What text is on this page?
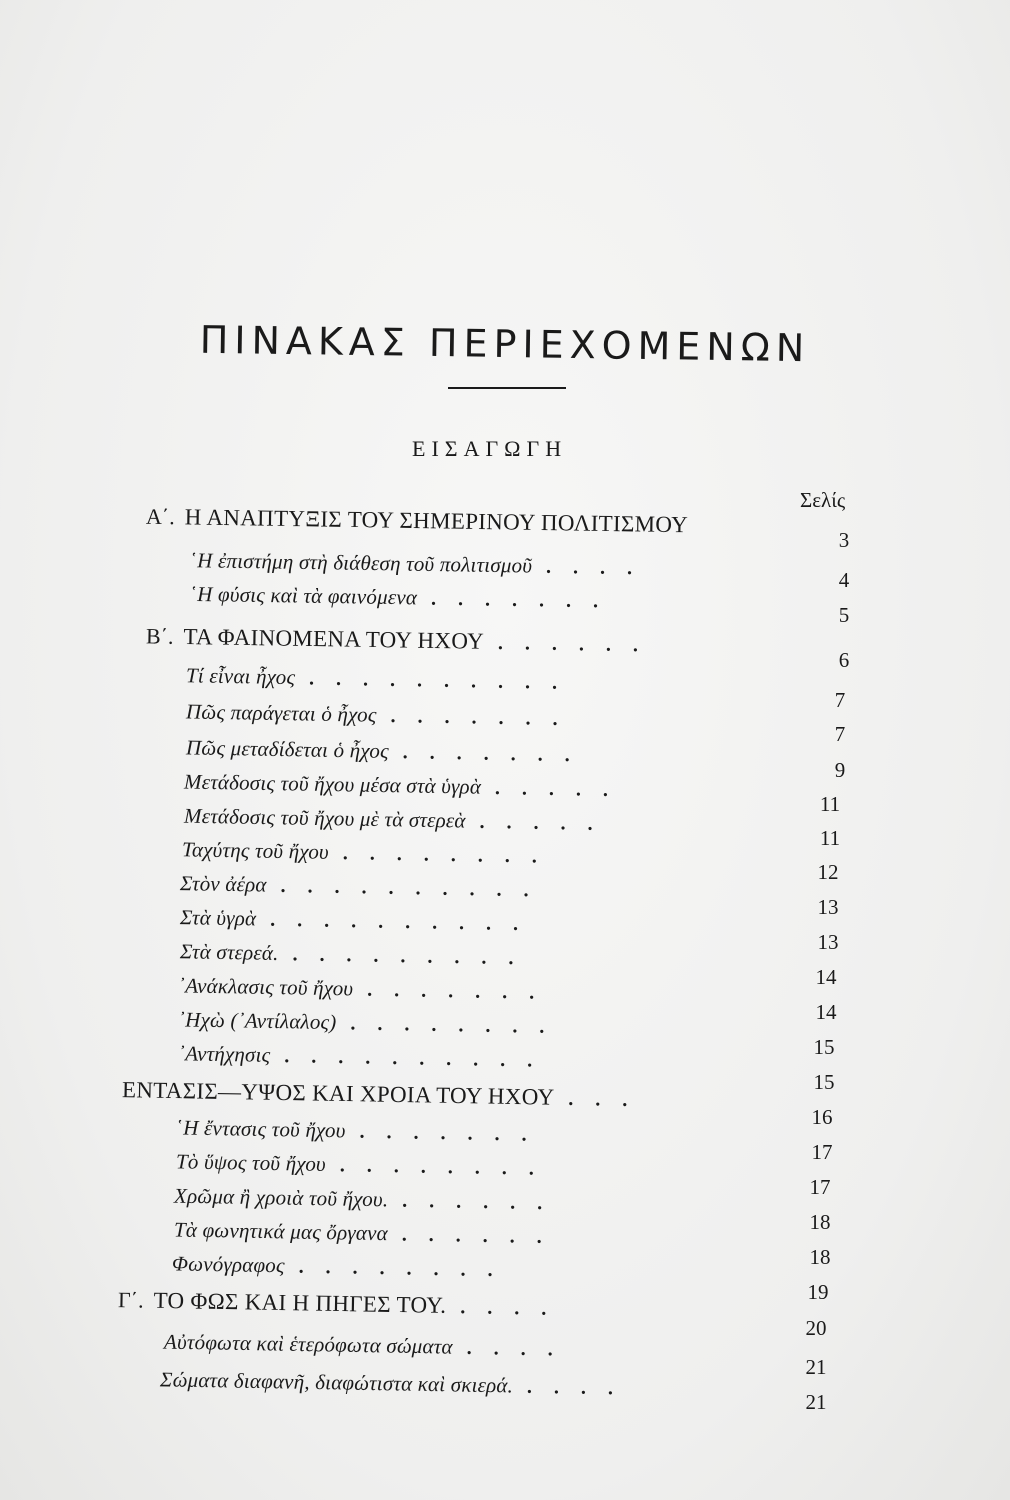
ΠΙΝΑΚΑΣ ΠΕΡΙΕΧΟΜΕΝΩΝ
ΕΙΣΑΓΩΓΗ
Σελίς
Α΄. Η ΑΝΑΠΤΥΞΙΣ ΤΟΥ ΣΗΜΕΡΙΝΟΥ ΠΟΛΙΤΙΣΜΟΥ
3
῾Η ἐπιστήμη στὴ διάθεση τοῦ πολιτισμοῦ ....
4
῾Η φύσις καὶ τὰ φαινόμενα .......
5
Β΄. ΤΑ ΦΑΙΝΟΜΕΝΑ ΤΟΥ ΗΧΟΥ ......
6
Τί εἶναι ἦχος ..........
7
Πῶς παράγεται ὁ ἦχος .......
7
Πῶς μεταδίδεται ὁ ἦχος .......
9
Μετάδοσις τοῦ ἤχου μέσα στὰ ὑγρὰ .....
11
Μετάδοσις τοῦ ἤχου μὲ τὰ στερεὰ .....
11
Ταχύτης τοῦ ἤχου ........
12
Στὸν ἀέρα ..........
13
Στὰ ὑγρὰ ..........
13
Στὰ στερεά. .........
14
᾿Ανάκλασις τοῦ ἤχου .......
14
᾿Ηχὼ (᾿Αντίλαλος) ........
15
᾿Αντήχησις ..........
15
ΕΝΤΑΣΙΣ—ΥΨΟΣ ΚΑΙ ΧΡΟΙΑ ΤΟΥ ΗΧΟΥ ...
16
῾Η ἔντασις τοῦ ἤχου .......
17
Τὸ ὕψος τοῦ ἤχου ........
17
Χρῶμα ἢ χροιὰ τοῦ ἤχου. ......
18
Τὰ φωνητικά μας ὄργανα ......
18
Φωνόγραφος ........
19
Γ΄. ΤΟ ΦΩΣ ΚΑΙ Η ΠΗΓΕΣ ΤΟΥ. ....
20
Αὐτόφωτα καὶ ἑτερόφωτα σώματα ....
21
Σώματα διαφανῆ, διαφώτιστα καὶ σκιερά. ....
21
